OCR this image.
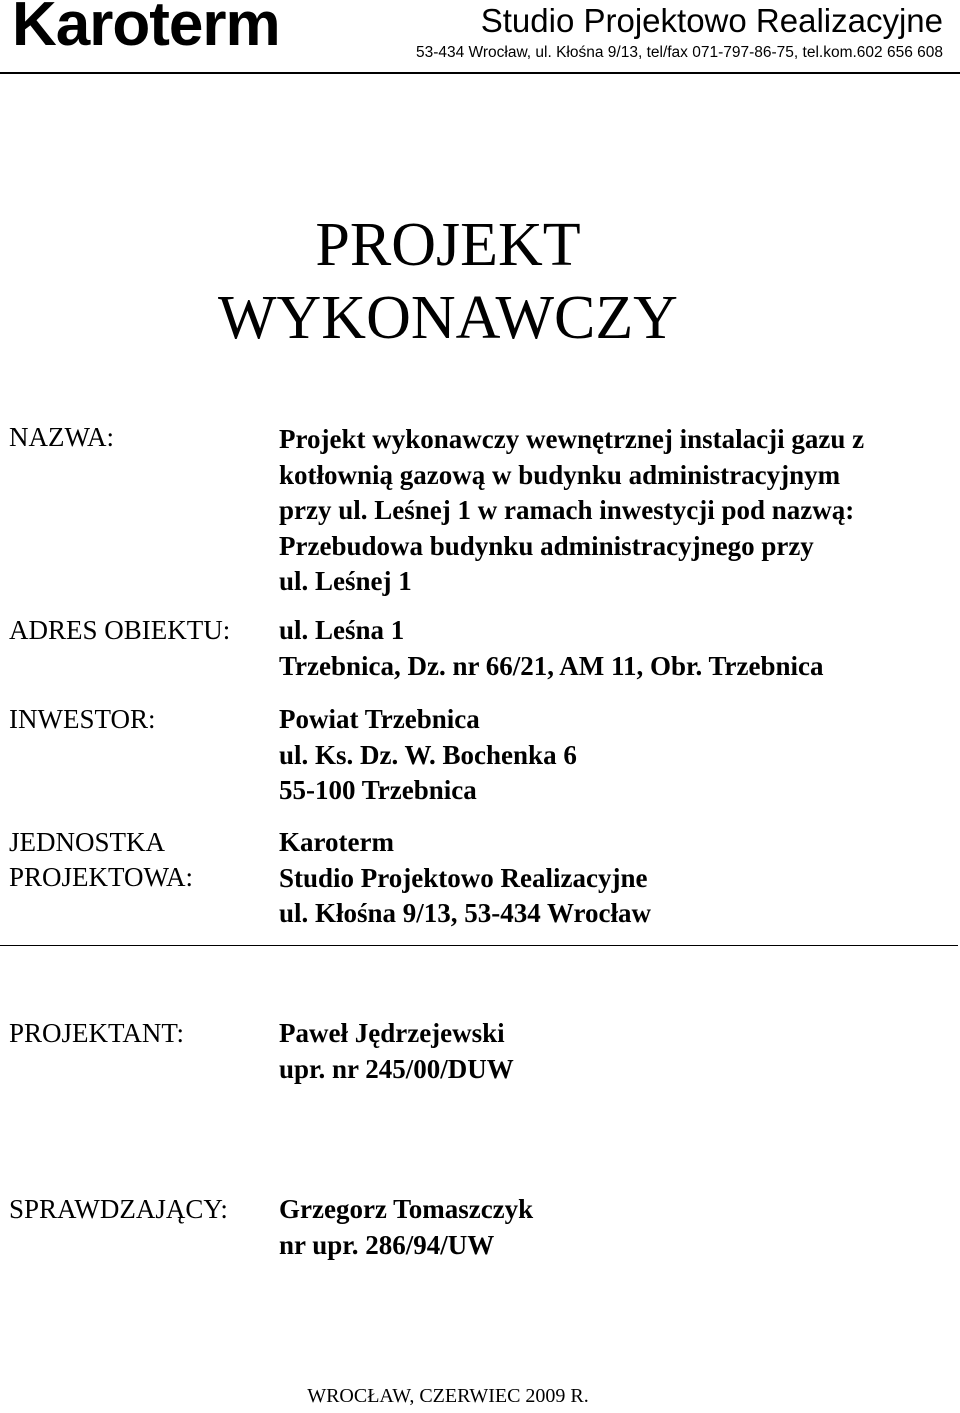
Karoterm	Studio Projektowo Realizacyjne
53-434 Wrocław, ul. Kłośna 9/13, tel/fax 071-797-86-75, tel.kom.602 656 608
PROJEKT
WYKONAWCZY
NAZWA:	Projekt wykonawczy wewnętrznej instalacji gazu z
kotłownią gazową w budynku administracyjnym
przy ul. Leśnej 1 w ramach inwestycji pod nazwą:
Przebudowa budynku administracyjnego przy
ul. Leśnej 1
ADRES OBIEKTU: ul. Leśna 1
Trzebnica, Dz. nr 66/21, AM 11, Obr. Trzebnica
INWESTOR:	Powiat Trzebnica
ul. Ks. Dz. W. Bochenka 6
55-100 Trzebnica
JEDNOSTKA
PROJEKTOWA:
Karoterm
Studio Projektowo Realizacyjne
ul. Kłośna 9/13, 53-434 Wrocław
PROJEKTANT:	Paweł Jędrzejewski
upr. nr 245/00/DUW
SPRAWDZAJĄCY: Grzegorz Tomaszczyk
nr upr. 286/94/UW
WROCŁAW, CZERWIEC 2009 R.
